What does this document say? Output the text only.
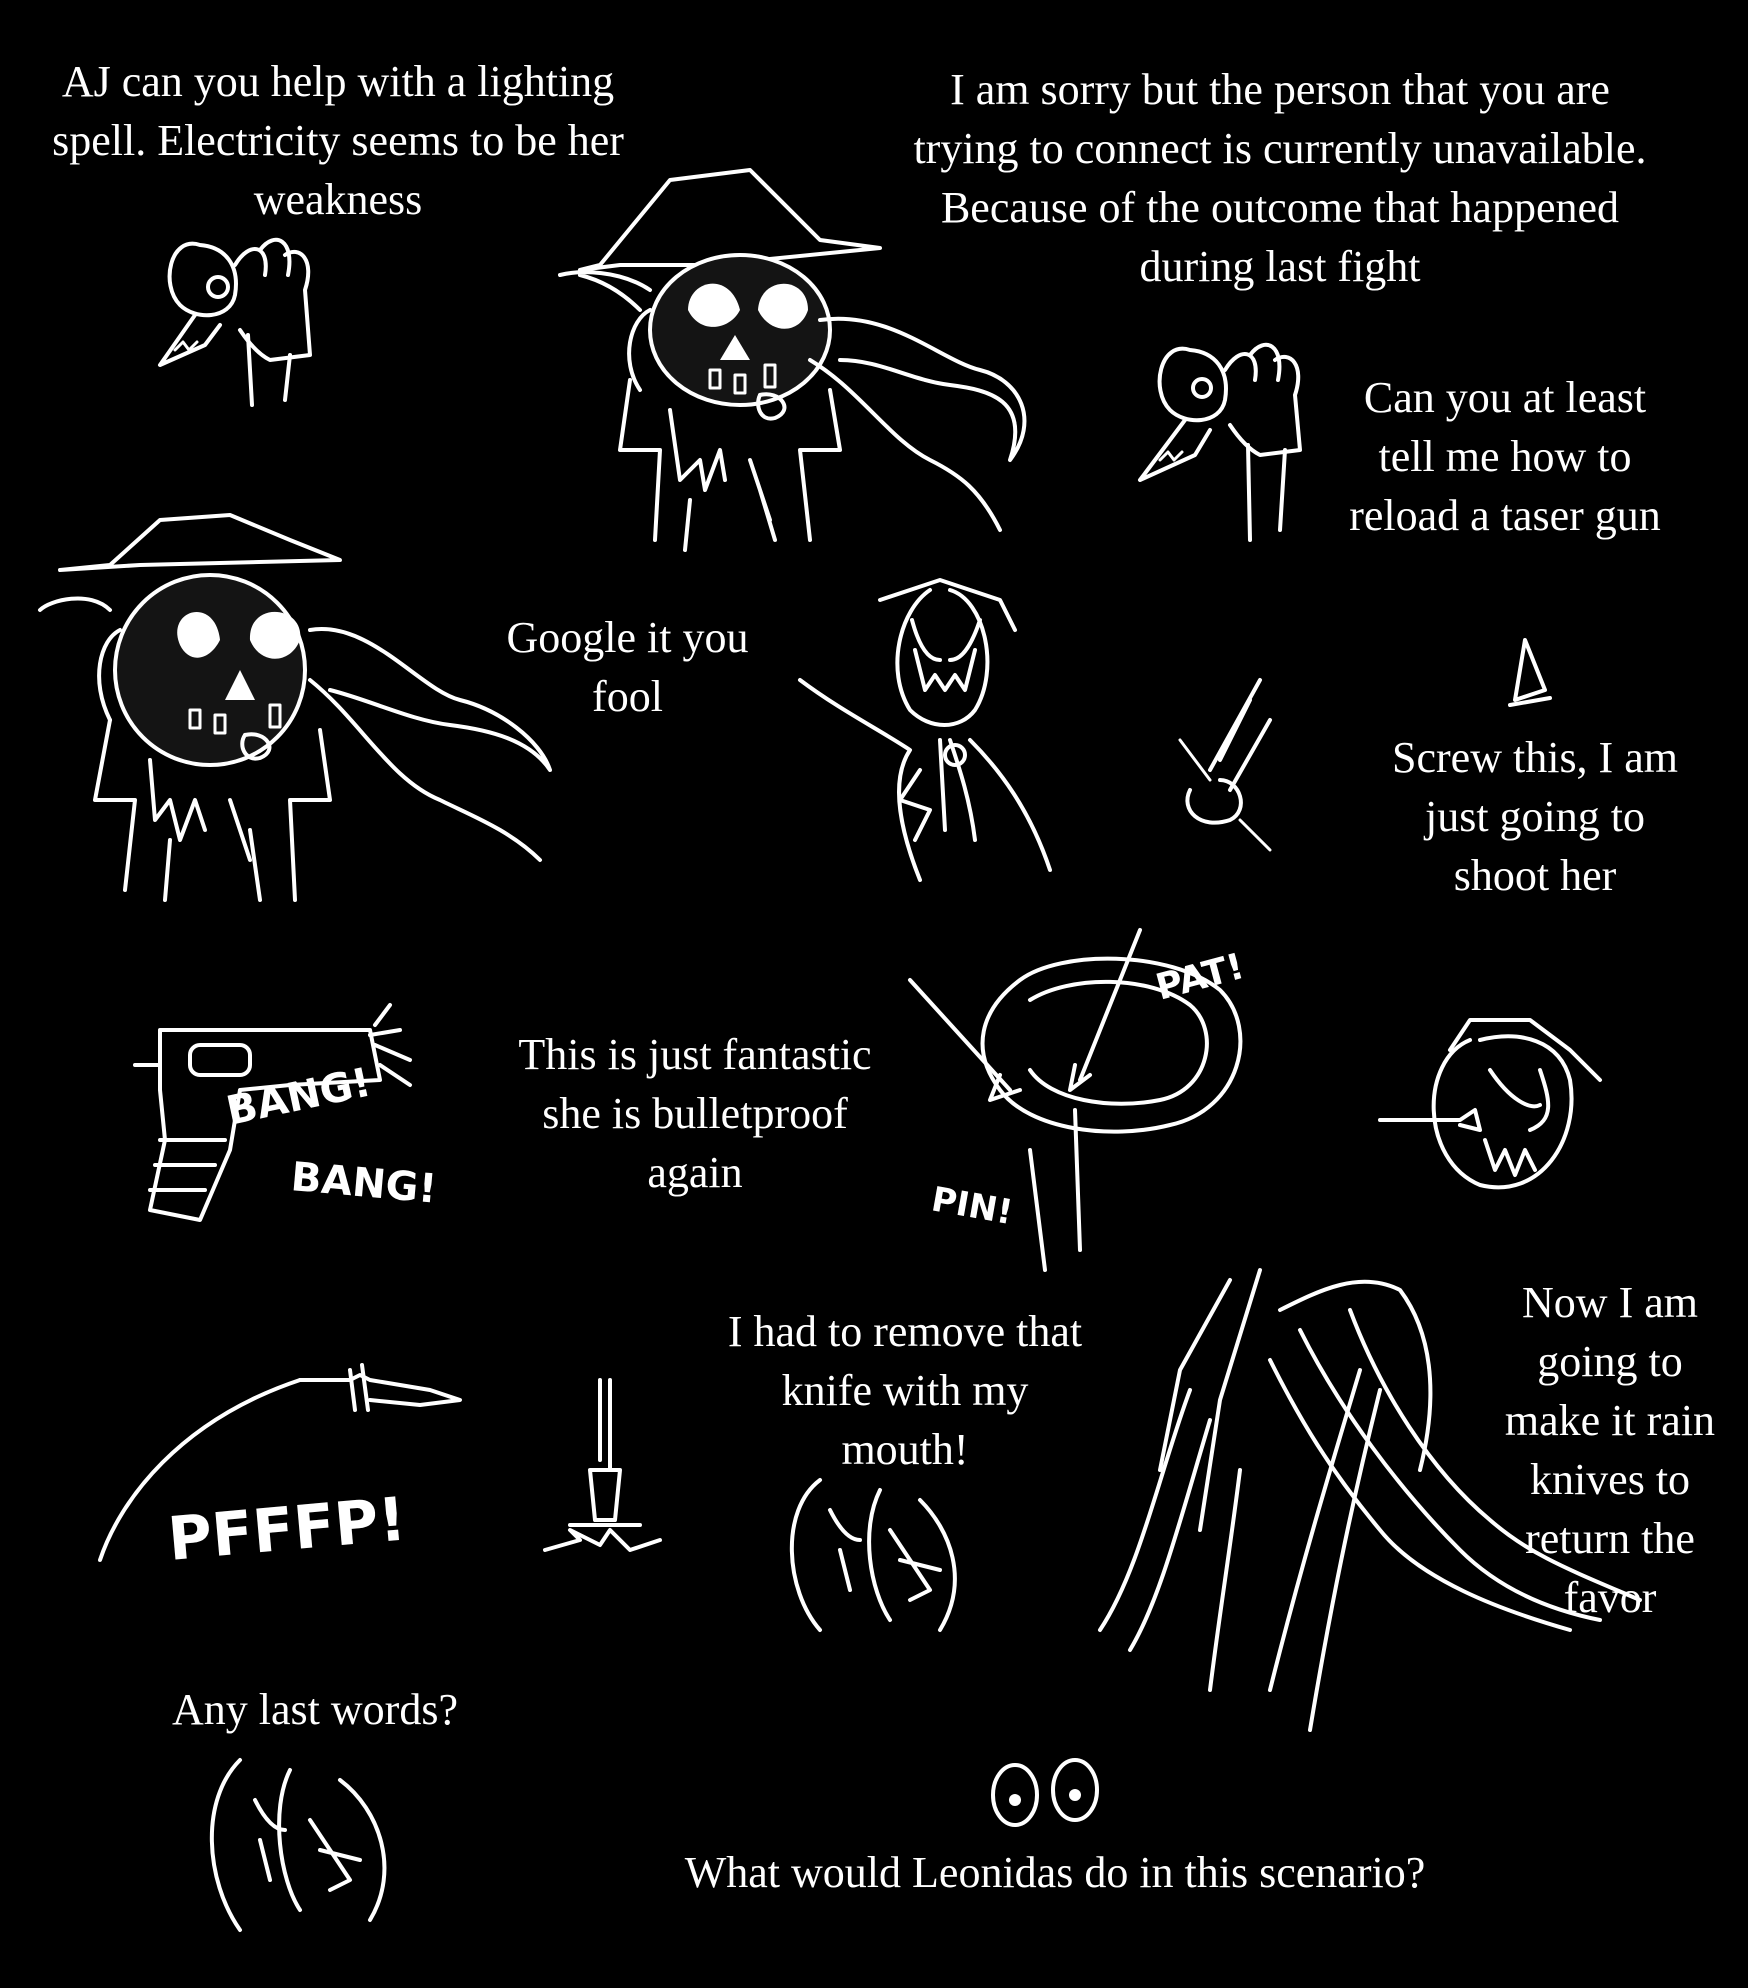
BANG!
BANG!
PAT!
PIN!
PFFFP!
AJ can you help with a lighting
spell. Electricity seems to be her
weakness
I am sorry but the person that you are
trying to connect is currently unavailable.
Because of the outcome that happened
during last fight
Can you at least
tell me how to
reload a taser gun
Google it you
fool
Screw this, I am
just going to
shoot her
This is just fantastic
she is bulletproof
again
I had to remove that
knife with my
mouth!
Now I am
going to
make it rain
knives to
return the
favor
Any last words?
What would Leonidas do in this scenario?
